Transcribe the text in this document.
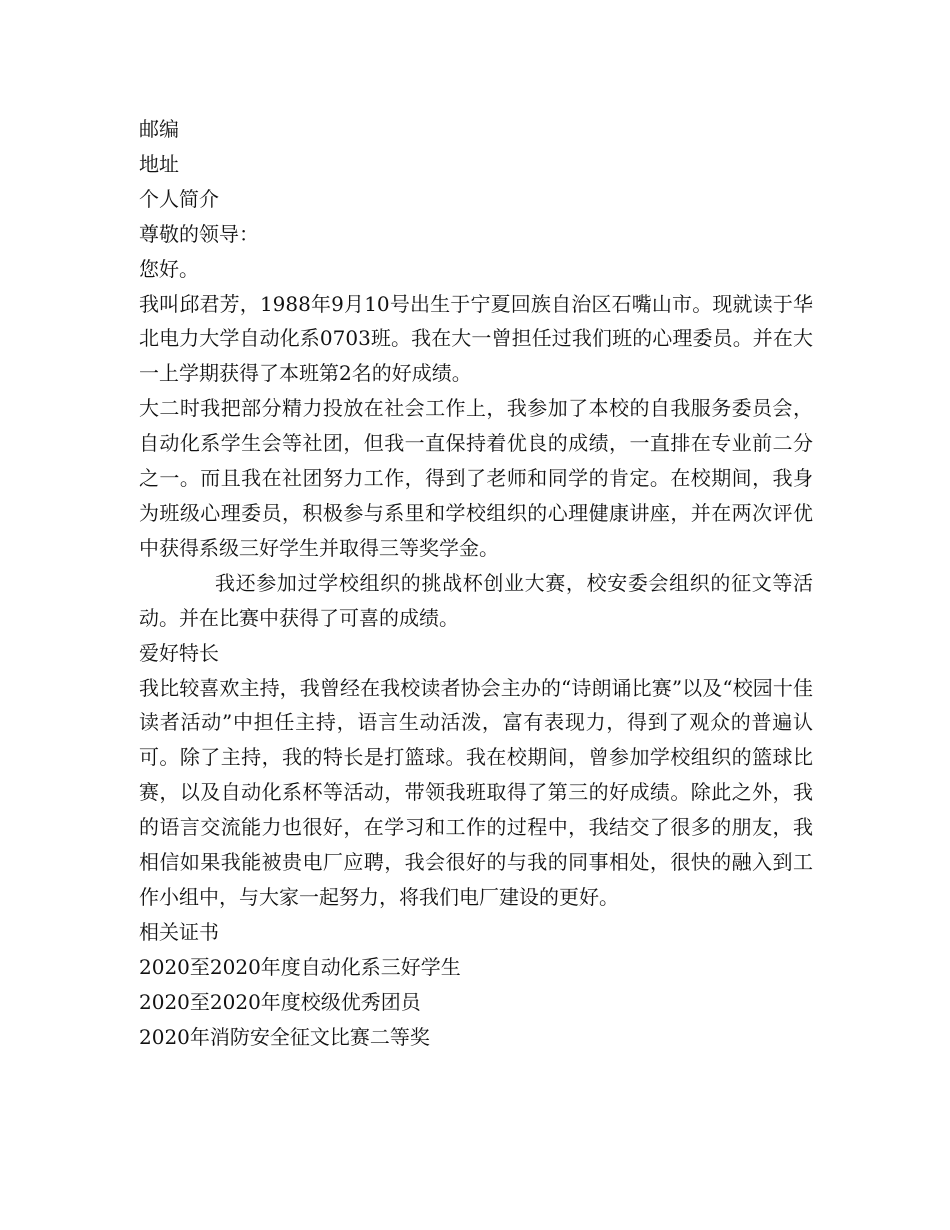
邮编

地址

个人简介

尊敬的领导：

您好。

我叫邱君芳，1988年9月10号出生于宁夏回族自治区石嘴山市。现就读于华北电力大学自动化系0703班。我在大一曾担任过我们班的心理委员。并在大一上学期获得了本班第2名的好成绩。

大二时我把部分精力投放在社会工作上，我参加了本校的自我服务委员会，自动化系学生会等社团，但我一直保持着优良的成绩，一直排在专业前二分之一。而且我在社团努力工作，得到了老师和同学的肯定。在校期间，我身为班级心理委员，积极参与系里和学校组织的心理健康讲座，并在两次评优中获得系级三好学生并取得三等奖学金。

我还参加过学校组织的挑战杯创业大赛，校安委会组织的征文等活动。并在比赛中获得了可喜的成绩。

爱好特长

我比较喜欢主持，我曾经在我校读者协会主办的“诗朗诵比赛”以及“校园十佳读者活动”中担任主持，语言生动活泼，富有表现力，得到了观众的普遍认可。除了主持，我的特长是打篮球。我在校期间，曾参加学校组织的篮球比赛，以及自动化系杯等活动，带领我班取得了第三的好成绩。除此之外，我的语言交流能力也很好，在学习和工作的过程中，我结交了很多的朋友，我相信如果我能被贵电厂应聘，我会很好的与我的同事相处，很快的融入到工作小组中，与大家一起努力，将我们电厂建设的更好。

相关证书

2020至2020年度自动化系三好学生

2020至2020年度校级优秀团员

2020年消防安全征文比赛二等奖
